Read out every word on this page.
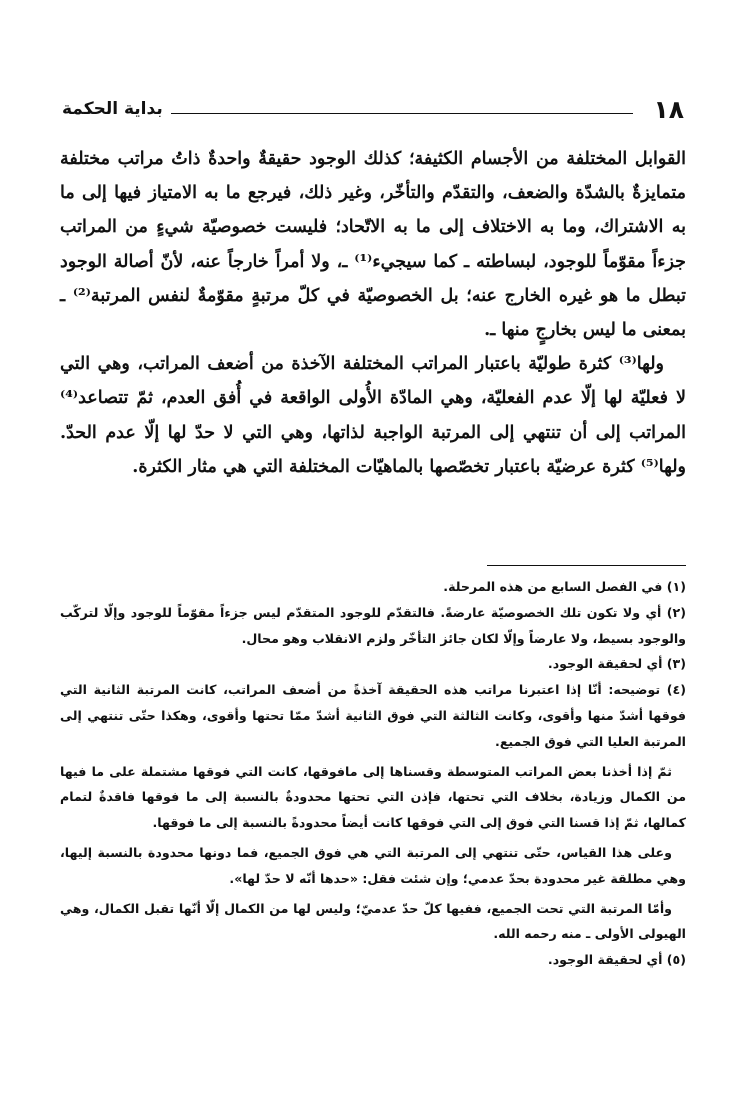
١٨
بداية الحكمة

القوابل المختلفة من الأجسام الكثيفة؛ كذلك الوجود حقيقةٌ واحدةٌ ذاتُ مراتب مختلفة متمايزةٌ بالشدّة والضعف، والتقدّم والتأخّر، وغير ذلك، فيرجع ما به الامتياز فيها إلى ما به الاشتراك، وما به الاختلاف إلى ما به الاتّحاد؛ فليست خصوصيّة شيءٍ من المراتب جزءاً مقوّماً للوجود، لبساطته ـ كما سيجيء⁽¹⁾ ـ، ولا أمراً خارجاً عنه، لأنّ أصالة الوجود تبطل ما هو غيره الخارج عنه؛ بل الخصوصيّة في كلّ مرتبةٍ مقوّمةٌ لنفس المرتبة⁽²⁾ ـ بمعنى ما ليس بخارجٍ منها ـ.

ولها⁽³⁾ كثرة طوليّة باعتبار المراتب المختلفة الآخذة من أضعف المراتب، وهي التي لا فعليّة لها إلّا عدم الفعليّة، وهي المادّة الأُولى الواقعة في أُفق العدم، ثمّ تتصاعد⁽⁴⁾ المراتب إلى أن تنتهي إلى المرتبة الواجبة لذاتها، وهي التي لا حدّ لها إلّا عدم الحدّ. ولها⁽⁵⁾ كثرة عرضيّة باعتبار تخصّصها بالماهيّات المختلفة التي هي مثار الكثرة.

(١) في الفصل السابع من هذه المرحلة.

(٢) أي ولا تكون تلك الخصوصيّة عارضةً. فالتقدّم للوجود المتقدّم ليس جزءاً مقوّماً للوجود وإلّا لتركّب والوجود بسيط، ولا عارضاً وإلّا لكان جائز التأخّر ولزم الانقلاب وهو محال.

(٣) أي لحقيقة الوجود.

(٤) توضيحه: أنّا إذا اعتبرنا مراتب هذه الحقيقة آخذةً من أضعف المراتب، كانت المرتبة الثانية التي فوقها أشدّ منها وأقوى، وكانت الثالثة التي فوق الثانية أشدّ ممّا تحتها وأقوى، وهكذا حتّى تنتهي إلى المرتبة العليا التي فوق الجميع.

ثمّ إذا أخذنا بعض المراتب المتوسطة وقسناها إلى مافوقها، كانت التي فوقها مشتملة على ما فيها من الكمال وزيادة، بخلاف التي تحتها، فإذن التي تحتها محدودةٌ بالنسبة إلى ما فوقها فاقدةٌ لتمام كمالها، ثمّ إذا قسنا التي فوق إلى التي فوقها كانت أيضاً محدودةً بالنسبة إلى ما فوقها.

وعلى هذا القياس، حتّى تنتهي إلى المرتبة التي هي فوق الجميع، فما دونها محدودة بالنسبة إليها، وهي مطلقة غير محدودة بحدّ عدمي؛ وإن شئت فقل: «حدها أنّه لا حدّ لها».

وأمّا المرتبة التي تحت الجميع، ففيها كلّ حدّ عدميّ؛ وليس لها من الكمال إلّا أنّها تقبل الكمال، وهي الهيولى الأولى ـ منه رحمه الله.

(٥) أي لحقيقة الوجود.
